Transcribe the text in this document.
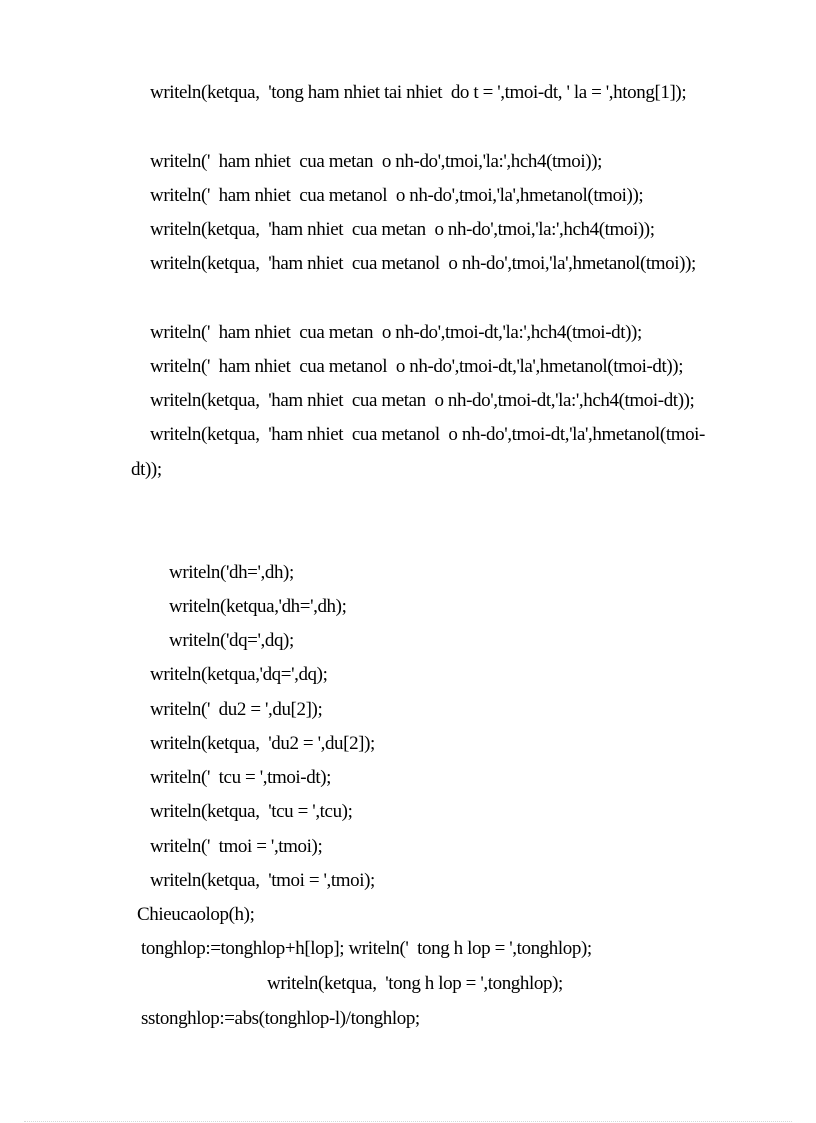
writeln(ketqua,  'tong ham nhiet tai nhiet  do t = ',tmoi-dt, ' la = ',htong[1]);
writeln('  ham nhiet  cua metan  o nh-do',tmoi,'la:',hch4(tmoi));
writeln('  ham nhiet  cua metanol  o nh-do',tmoi,'la',hmetanol(tmoi));
writeln(ketqua,  'ham nhiet  cua metan  o nh-do',tmoi,'la:',hch4(tmoi));
writeln(ketqua,  'ham nhiet  cua metanol  o nh-do',tmoi,'la',hmetanol(tmoi));
writeln('  ham nhiet  cua metan  o nh-do',tmoi-dt,'la:',hch4(tmoi-dt));
writeln('  ham nhiet  cua metanol  o nh-do',tmoi-dt,'la',hmetanol(tmoi-dt));
writeln(ketqua,  'ham nhiet  cua metan  o nh-do',tmoi-dt,'la:',hch4(tmoi-dt));
writeln(ketqua,  'ham nhiet  cua metanol  o nh-do',tmoi-dt,'la',hmetanol(tmoi-
dt));
writeln('dh=',dh);
writeln(ketqua,'dh=',dh);
writeln('dq=',dq);
writeln(ketqua,'dq=',dq);
writeln('  du2 = ',du[2]);
writeln(ketqua,  'du2 = ',du[2]);
writeln('  tcu = ',tmoi-dt);
writeln(ketqua,  'tcu = ',tcu);
writeln('  tmoi = ',tmoi);
writeln(ketqua,  'tmoi = ',tmoi);
Chieucaolop(h);
tonghlop:=tonghlop+h[lop]; writeln('  tong h lop = ',tonghlop);
writeln(ketqua,  'tong h lop = ',tonghlop);
sstonghlop:=abs(tonghlop-l)/tonghlop;
